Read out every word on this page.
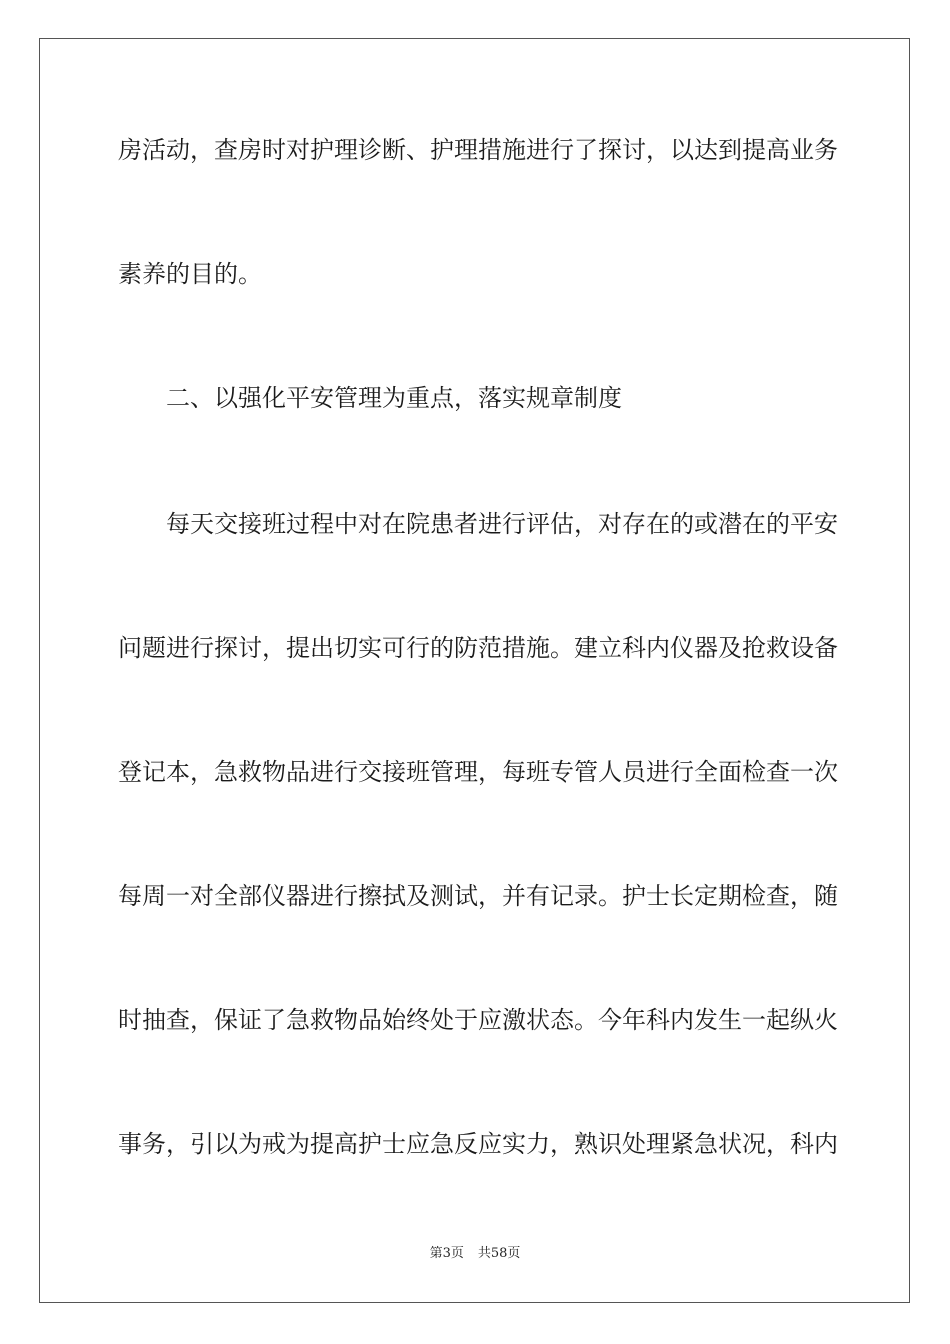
房活动，查房时对护理诊断、护理措施进行了探讨，以达到提高业务
素养的目的。
二、以强化平安管理为重点，落实规章制度
每天交接班过程中对在院患者进行评估，对存在的或潜在的平安
问题进行探讨，提出切实可行的防范措施。建立科内仪器及抢救设备
登记本，急救物品进行交接班管理，每班专管人员进行全面检查一次
每周一对全部仪器进行擦拭及测试，并有记录。护士长定期检查，随
时抽查，保证了急救物品始终处于应激状态。今年科内发生一起纵火
事务，引以为戒为提高护士应急反应实力，熟识处理紧急状况，科内
第3页 共58页
